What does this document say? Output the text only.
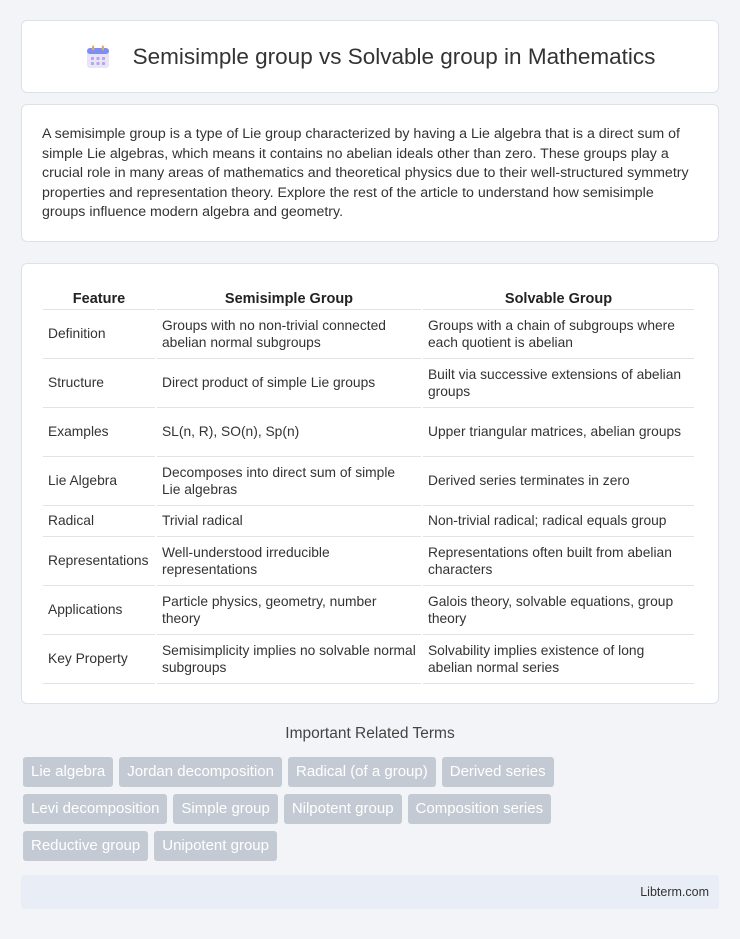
Semisimple group vs Solvable group in Mathematics

A semisimple group is a type of Lie group characterized by having a Lie algebra that is a direct sum of simple Lie algebras, which means it contains no abelian ideals other than zero. These groups play a crucial role in many areas of mathematics and theoretical physics due to their well-structured symmetry properties and representation theory. Explore the rest of the article to understand how semisimple groups influence modern algebra and geometry.

Feature	Semisimple Group	Solvable Group
Definition	Groups with no non-trivial connected abelian normal subgroups	Groups with a chain of subgroups where each quotient is abelian
Structure	Direct product of simple Lie groups	Built via successive extensions of abelian groups
Examples	SL(n, R), SO(n), Sp(n)	Upper triangular matrices, abelian groups
Lie Algebra	Decomposes into direct sum of simple Lie algebras	Derived series terminates in zero
Radical	Trivial radical	Non-trivial radical; radical equals group
Representations	Well-understood irreducible representations	Representations often built from abelian characters
Applications	Particle physics, geometry, number theory	Galois theory, solvable equations, group theory
Key Property	Semisimplicity implies no solvable normal subgroups	Solvability implies existence of long abelian normal series
Important Related Terms
Lie algebra	Jordan decomposition	Radical (of a group)	Derived series
Levi decomposition	Simple group	Nilpotent group	Composition series
Reductive group	Unipotent group
Libterm.com
